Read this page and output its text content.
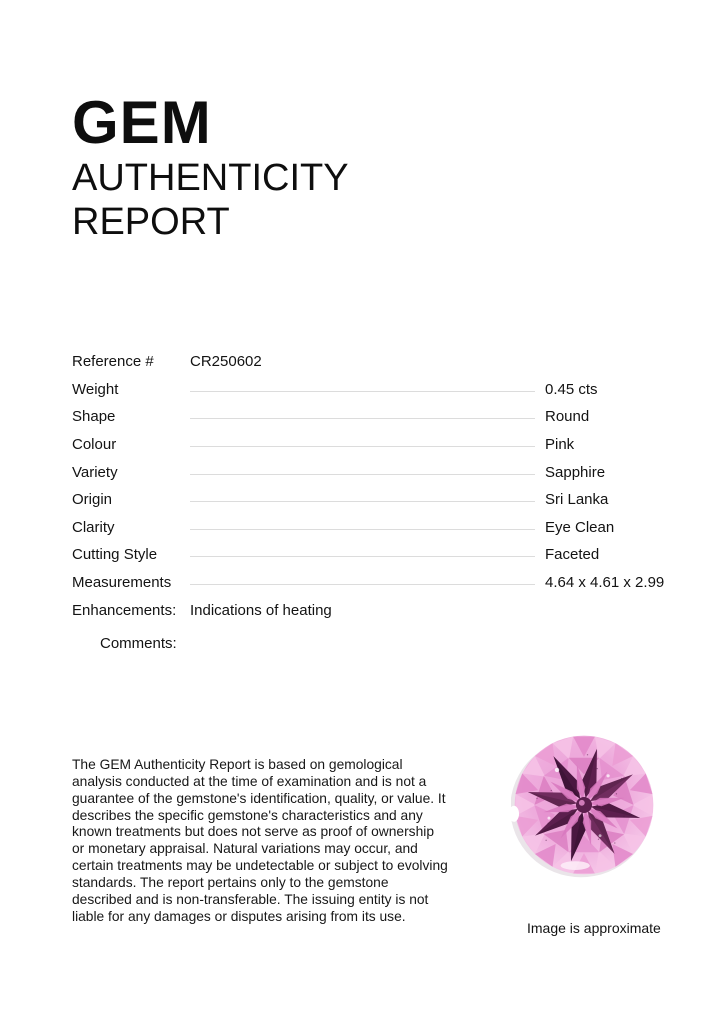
GEM
AUTHENTICITY
REPORT
Reference #	CR250602
Weight	0.45 cts
Shape	Round
Colour	Pink
Variety	Sapphire
Origin	Sri Lanka
Clarity	Eye Clean
Cutting Style	Faceted
Measurements	4.64 x 4.61 x 2.99
Enhancements: Indications of heating
Comments:

The GEM Authenticity Report is based on gemological analysis conducted at the time of examination and is not a guarantee of the gemstone's identification, quality, or value. It describes the specific gemstone's characteristics and any known treatments but does not serve as proof of ownership or monetary appraisal. Natural variations may occur, and certain treatments may be undetectable or subject to evolving standards. The report pertains only to the gemstone described and is non-transferable. The issuing entity is not liable for any damages or disputes arising from its use.

Image is approximate
